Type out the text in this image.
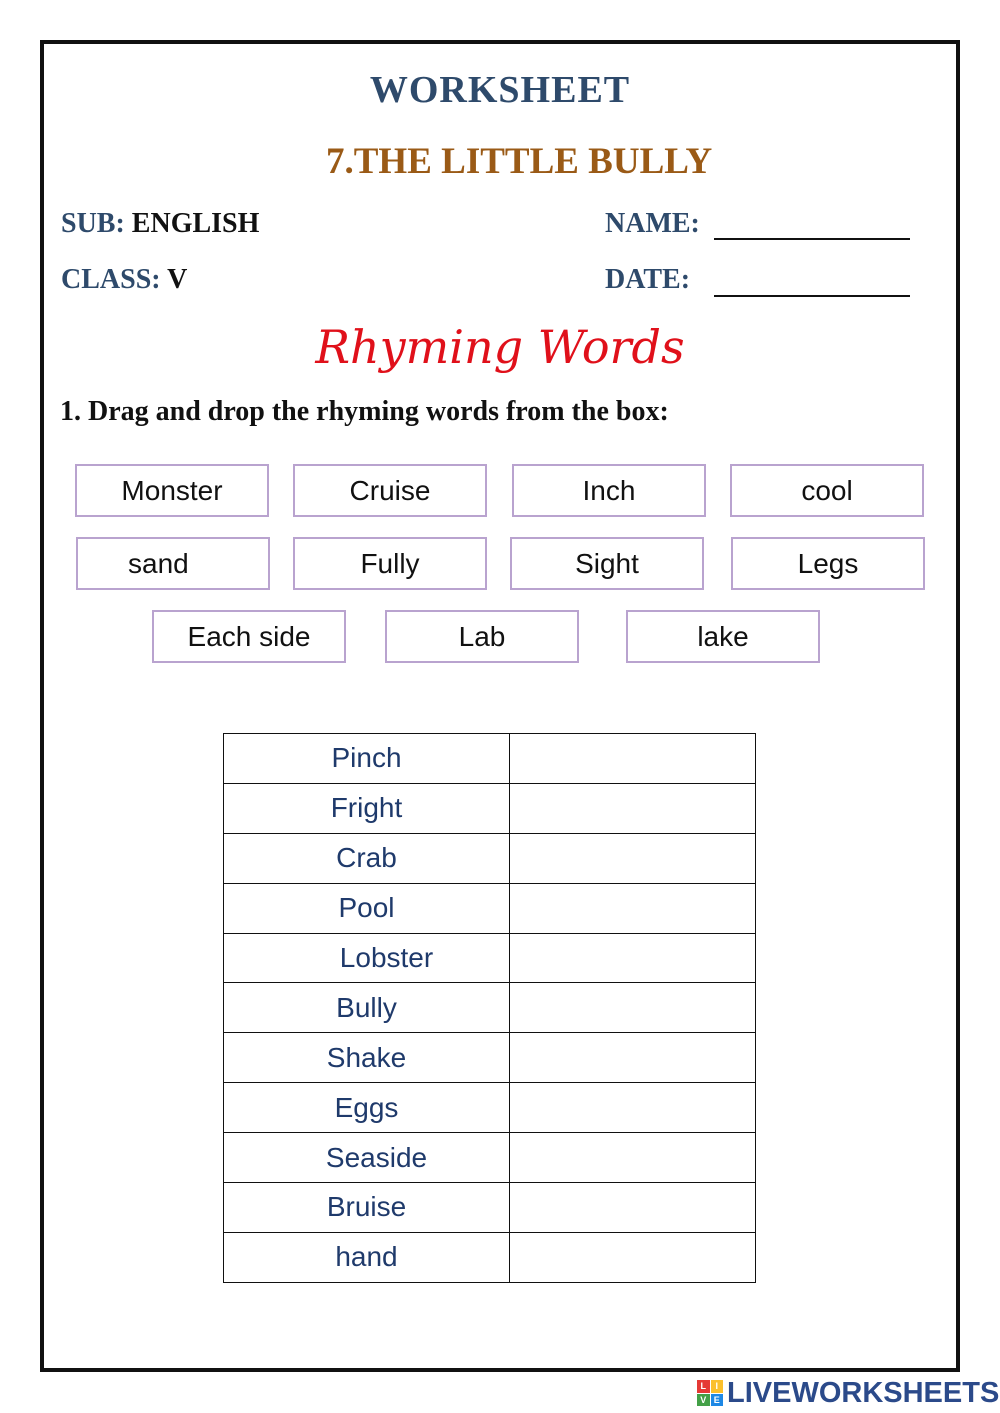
WORKSHEET
7.THE LITTLE BULLY
SUB: ENGLISH
CLASS: V
NAME:
DATE:
Rhyming Words
1. Drag and drop the rhyming words from the box:
Monster	Cruise	Inch	cool
sand	Fully	Sight	Legs
Each side	Lab	lake
Pinch	
Fright	
Crab	
Pool	
Lobster	
Bully	
Shake	
Eggs	
Seaside	
Bruise	
hand	
L	I
V E LIVEWORKSHEETS
